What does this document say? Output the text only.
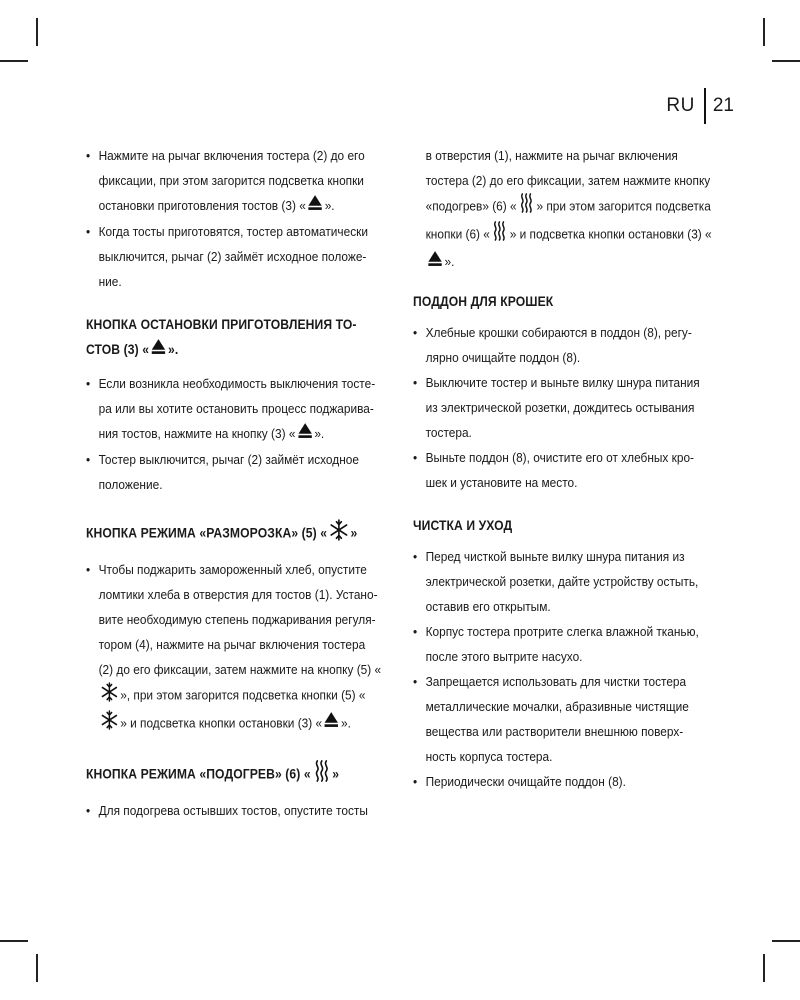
RU 21
• Нажмите на рычаг включения тостера (2) до его фиксации, при этом загорится подсветка кнопки остановки приготовления тостов (3) « ».
• Когда тосты приготовятся, тостер автоматически выключится, рычаг (2) займёт исходное положе-ние.
КНОПКА ОСТАНОВКИ ПРИГОТОВЛЕНИЯ ТО-СТОВ (3) « ».
• Если возникла необходимость выключения тосте-ра или вы хотите остановить процесс поджарива-ния тостов, нажмите на кнопку (3) « ».
• Тостер выключится, рычаг (2) займёт исходное положение.
КНОПКА РЕЖИМА «РАЗМОРОЗКА» (5) « »
• Чтобы поджарить замороженный хлеб, опустите ломтики хлеба в отверстия для тостов (1). Устано-вите необходимую степень поджаривания регуля-тором (4), нажмите на рычаг включения тостера (2) до его фиксации, затем нажмите на кнопку (5) «», при этом загорится подсветка кнопки (5) «» и подсветка кнопки остановки (3) « ».
КНОПКА РЕЖИМА «ПОДОГРЕВ» (6) « »
• Для подогрева остывших тостов, опустите тосты
в отверстия (1), нажмите на рычаг включения тостера (2) до его фиксации, затем нажмите кнопку «подогрев» (6) « » при этом загорится подсветка кнопки (6) « » и подсветка кнопки остановки (3) «».
ПОДДОН ДЛЯ КРОШЕК
• Хлебные крошки собираются в поддон (8), регу-лярно очищайте поддон (8).
• Выключите тостер и выньте вилку шнура питания из электрической розетки, дождитесь остывания тостера.
• Выньте поддон (8), очистите его от хлебных кро-шек и установите на место.
ЧИСТКА И УХОД
• Перед чисткой выньте вилку шнура питания из электрической розетки, дайте устройству остыть, оставив его открытым.
• Корпус тостера протрите слегка влажной тканью, после этого вытрите насухо.
• Запрещается использовать для чистки тостера металлические мочалки, абразивные чистящие вещества или растворители внешнюю поверх-ность корпуса тостера.
• Периодически очищайте поддон (8).
